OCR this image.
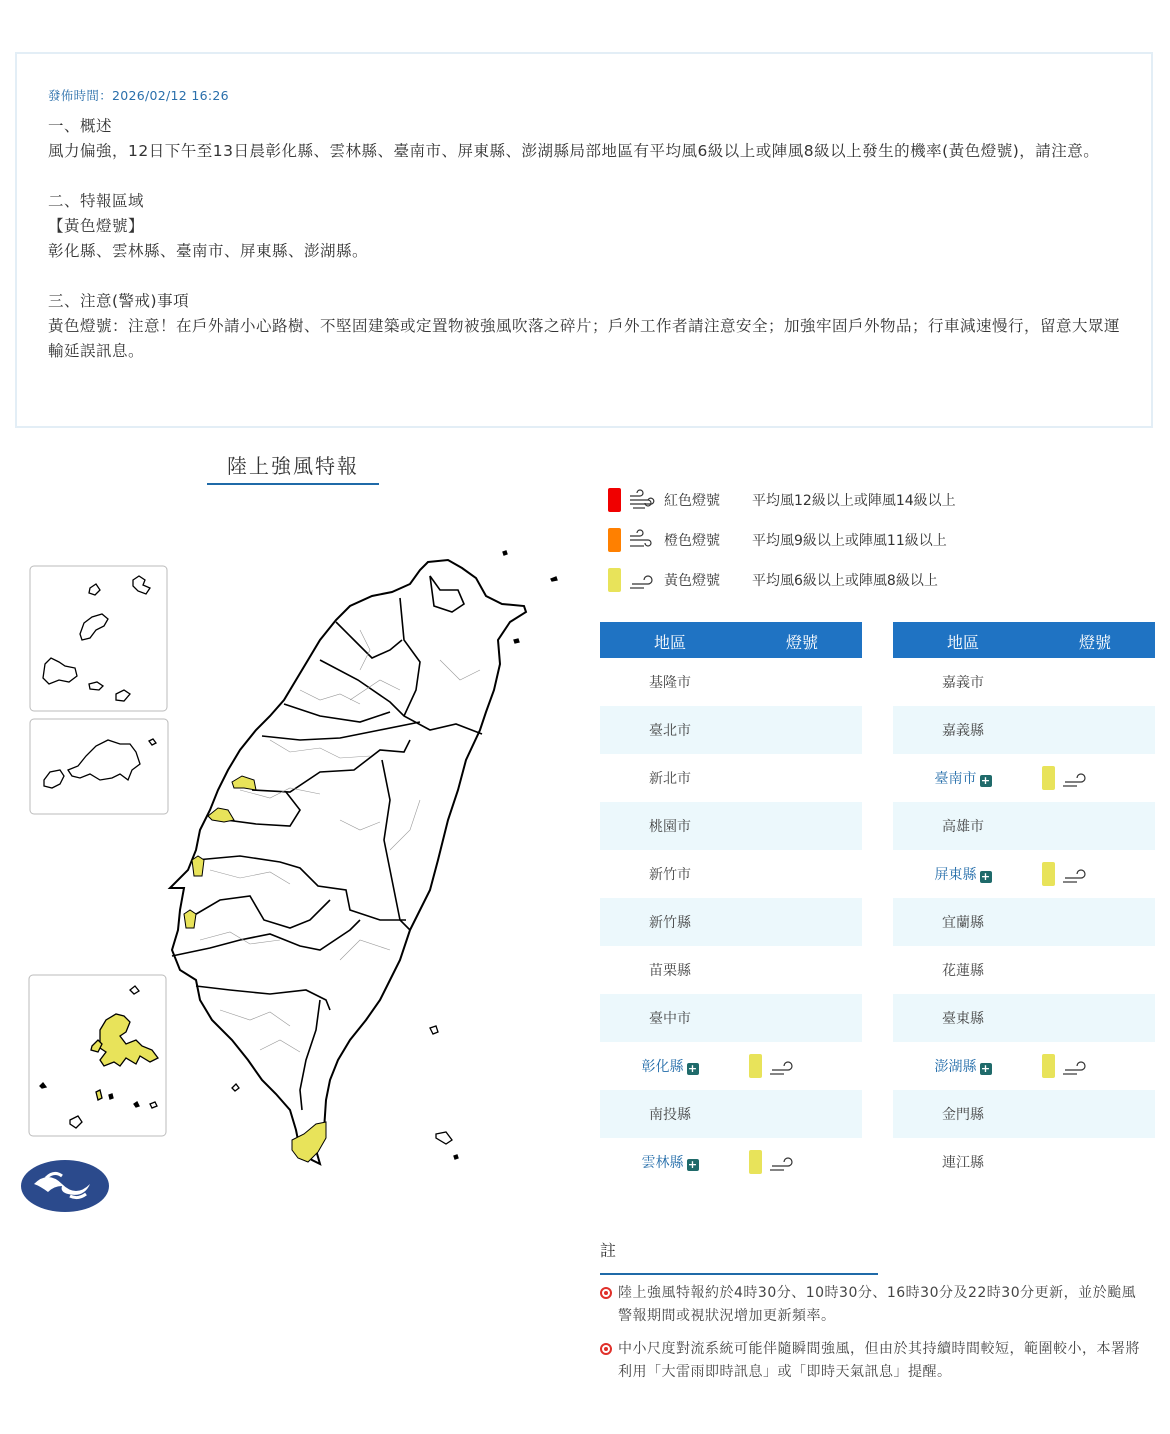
發佈時間：2026/02/12 16:26

一、概述

風力偏強，12日下午至13日晨彰化縣、雲林縣、臺南市、屏東縣、澎湖縣局部地區有平均風6級以上或陣風8級以上發生的機率(黃色燈號)，請注意。

二、特報區域

【黃色燈號】

彰化縣、雲林縣、臺南市、屏東縣、澎湖縣。

三、注意(警戒)事項

黃色燈號：注意！在戶外請小心路樹、不堅固建築或定置物被強風吹落之碎片；戶外工作者請注意安全；加強牢固戶外物品；行車減速慢行，留意大眾運輸延誤訊息。

陸上強風特報
紅色燈號 平均風12級以上或陣風14級以上
橙色燈號 平均風9級以上或陣風11級以上
黃色燈號 平均風6級以上或陣風8級以上
地區	燈號
基隆市
臺北市
新北市
桃園市
新竹市
新竹縣
苗栗縣
臺中市
彰化縣 +
南投縣
雲林縣 +
地區	燈號
嘉義市
嘉義縣
臺南市 +
高雄市
屏東縣 +
宜蘭縣
花蓮縣
臺東縣
澎湖縣 +
金門縣
連江縣
註
陸上強風特報約於4時30分、10時30分、16時30分及22時30分更新，並於颱風警報期間或視狀況增加更新頻率。
中小尺度對流系統可能伴隨瞬間強風，但由於其持續時間較短，範圍較小，本署將利用「大雷雨即時訊息」或「即時天氣訊息」提醒。
